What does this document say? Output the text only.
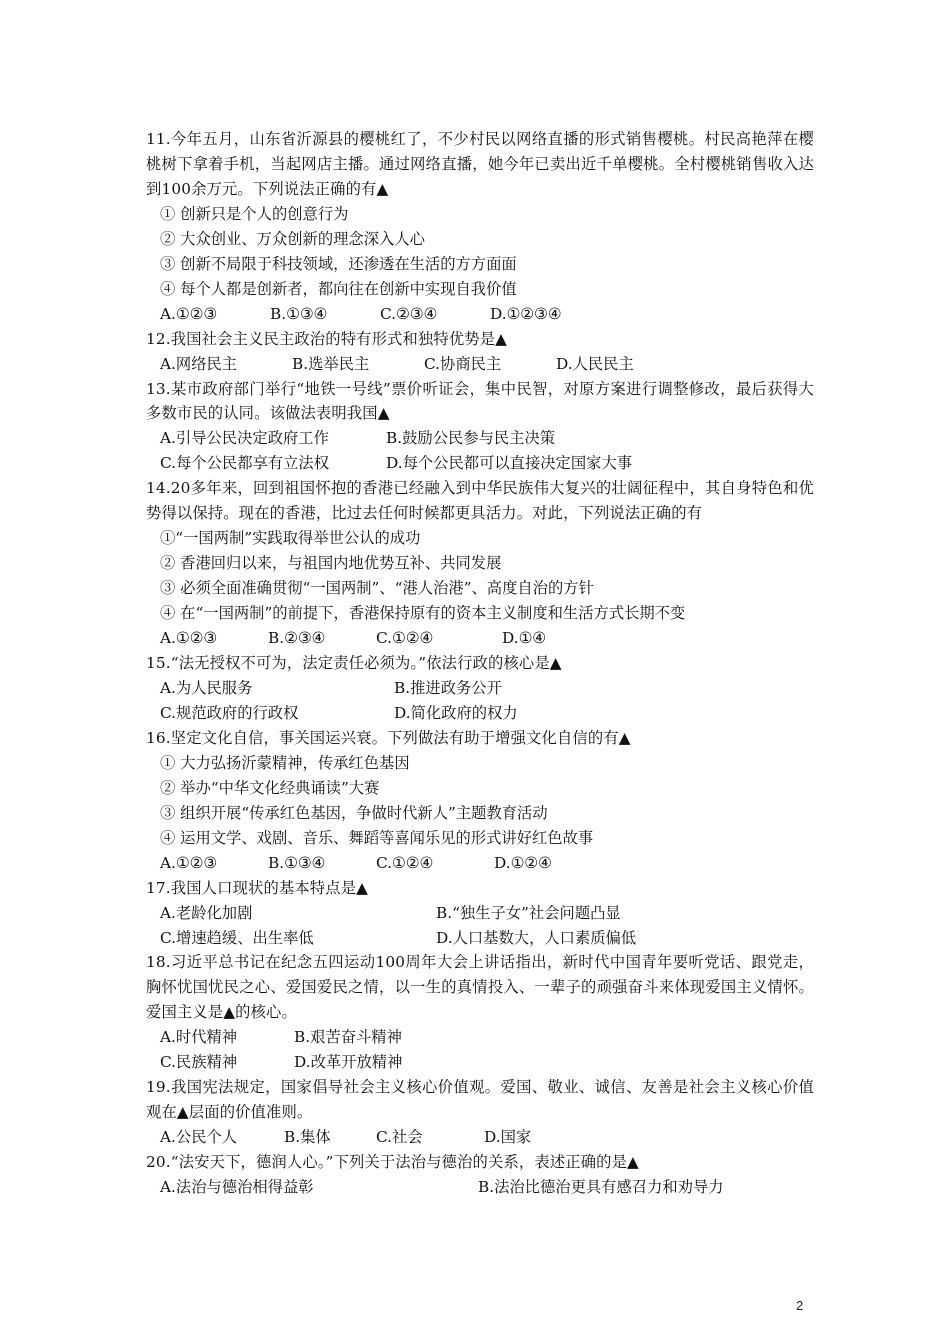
11.今年五月，山东省沂源县的樱桃红了，不少村民以网络直播的形式销售樱桃。村民高艳萍在樱桃树下拿着手机，当起网店主播。通过网络直播，她今年已卖出近千单樱桃。全村樱桃销售收入达到100余万元。下列说法正确的有▲
① 创新只是个人的创意行为
② 大众创业、万众创新的理念深入人心
③ 创新不局限于科技领域，还渗透在生活的方方面面
④ 每个人都是创新者，都向往在创新中实现自我价值
A.①②③	B.①③④	C.②③④	D.①②③④
12.我国社会主义民主政治的特有形式和独特优势是▲
A.网络民主	B.选举民主	C.协商民主	D.人民民主
13.某市政府部门举行“地铁一号线”票价听证会，集中民智，对原方案进行调整修改，最后获得大多数市民的认同。该做法表明我国▲
A.引导公民决定政府工作	B.鼓励公民参与民主决策
C.每个公民都享有立法权	D.每个公民都可以直接决定国家大事
14.20多年来，回到祖国怀抱的香港已经融入到中华民族伟大复兴的壮阔征程中，其自身特色和优势得以保持。现在的香港，比过去任何时候都更具活力。对此，下列说法正确的有
①“一国两制”实践取得举世公认的成功
② 香港回归以来，与祖国内地优势互补、共同发展
③ 必须全面准确贯彻“一国两制”、“港人治港”、高度自治的方针
④ 在“一国两制”的前提下，香港保持原有的资本主义制度和生活方式长期不变
A.①②③	B.②③④	C.①②④	D.①④
15.“法无授权不可为，法定责任必须为。”依法行政的核心是▲
A.为人民服务	B.推进政务公开
C.规范政府的行政权	D.简化政府的权力
16.坚定文化自信，事关国运兴衰。下列做法有助于增强文化自信的有▲
① 大力弘扬沂蒙精神，传承红色基因
② 举办“中华文化经典诵读”大赛
③ 组织开展“传承红色基因，争做时代新人”主题教育活动
④ 运用文学、戏剧、音乐、舞蹈等喜闻乐见的形式讲好红色故事
A.①②③	B.①③④	C.①②④	D.①②④
17.我国人口现状的基本特点是▲
A.老龄化加剧	B.“独生子女”社会问题凸显
C.增速趋缓、出生率低	D.人口基数大，人口素质偏低
18.习近平总书记在纪念五四运动100周年大会上讲话指出，新时代中国青年要听党话、跟党走，胸怀忧国忧民之心、爱国爱民之情，以一生的真情投入、一辈子的顽强奋斗来体现爱国主义情怀。爱国主义是▲的核心。
A.时代精神	B.艰苦奋斗精神
C.民族精神	D.改革开放精神
19.我国宪法规定，国家倡导社会主义核心价值观。爱国、敬业、诚信、友善是社会主义核心价值观在▲层面的价值准则。
A.公民个人	B.集体	C.社会	D.国家
20.“法安天下，德润人心。”下列关于法治与德治的关系，表述正确的是▲
A.法治与德治相得益彰	B.法治比德治更具有感召力和劝导力
2
